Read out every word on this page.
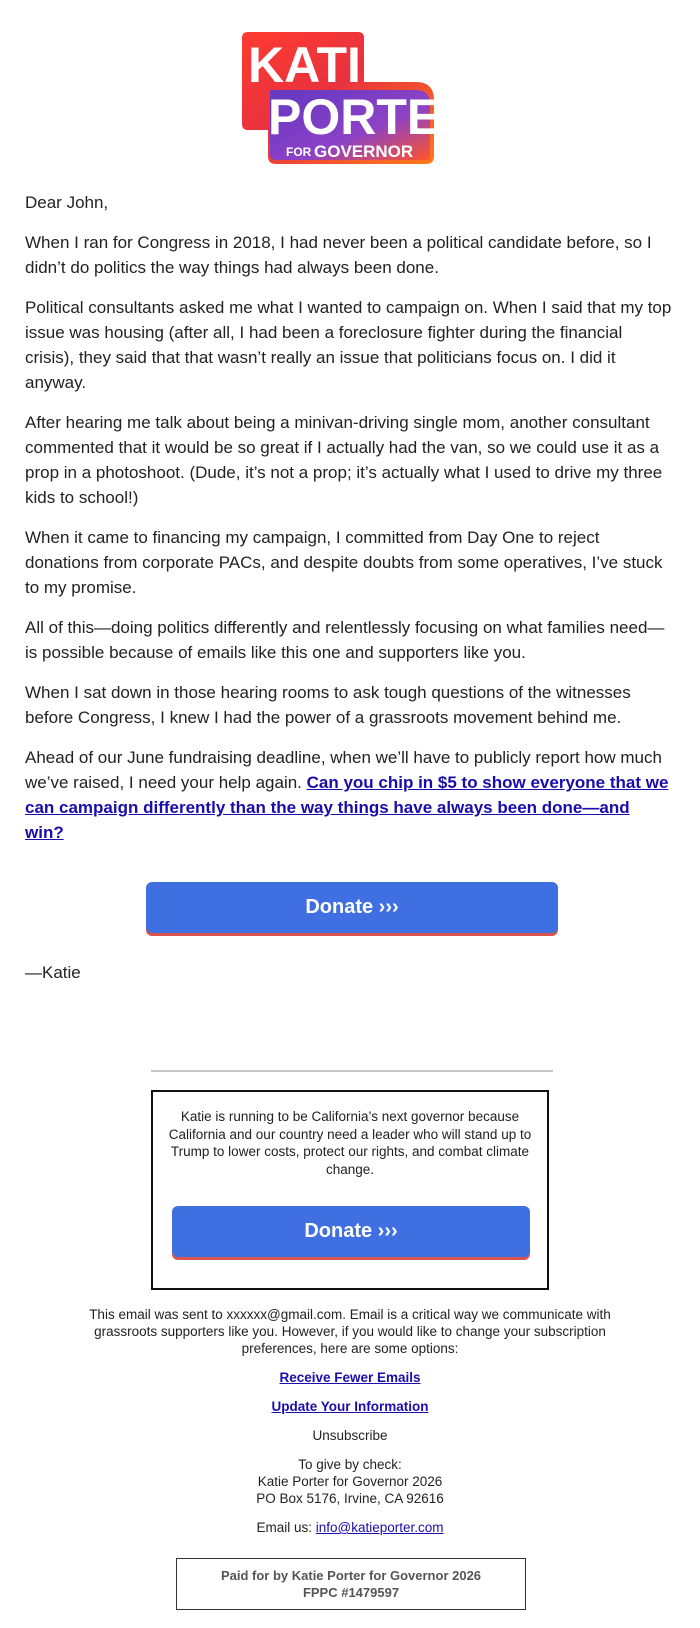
KATIE
PORTER
FOR GOVERNOR

Dear John,

When I ran for Congress in 2018, I had never been a political candidate before, so I didn’t do politics the way things had always been done.

Political consultants asked me what I wanted to campaign on. When I said that my top issue was housing (after all, I had been a foreclosure fighter during the financial crisis), they said that that wasn’t really an issue that politicians focus on. I did it anyway.

After hearing me talk about being a minivan-driving single mom, another consultant commented that it would be so great if I actually had the van, so we could use it as a prop in a photoshoot. (Dude, it’s not a prop; it’s actually what I used to drive my three kids to school!)

When it came to financing my campaign, I committed from Day One to reject donations from corporate PACs, and despite doubts from some operatives, I’ve stuck to my promise.

All of this—doing politics differently and relentlessly focusing on what families need—is possible because of emails like this one and supporters like you.

When I sat down in those hearing rooms to ask tough questions of the witnesses before Congress, I knew I had the power of a grassroots movement behind me.

Ahead of our June fundraising deadline, when we’ll have to publicly report how much we’ve raised, I need your help again. Can you chip in $5 to show everyone that we can campaign differently than the way things have always been done—and win?

Donate ›››
—Katie
Katie is running to be California’s next governor because California and our country need a leader who will stand up to Trump to lower costs, protect our rights, and combat climate change.
Donate ›››

This email was sent to xxxxxx@gmail.com. Email is a critical way we communicate with grassroots supporters like you. However, if you would like to change your subscription preferences, here are some options:

Receive Fewer Emails

Update Your Information

Unsubscribe

To give by check:
Katie Porter for Governor 2026
PO Box 5176, Irvine, CA 92616

Email us: info@katieporter.com

Paid for by Katie Porter for Governor 2026
FPPC #1479597
